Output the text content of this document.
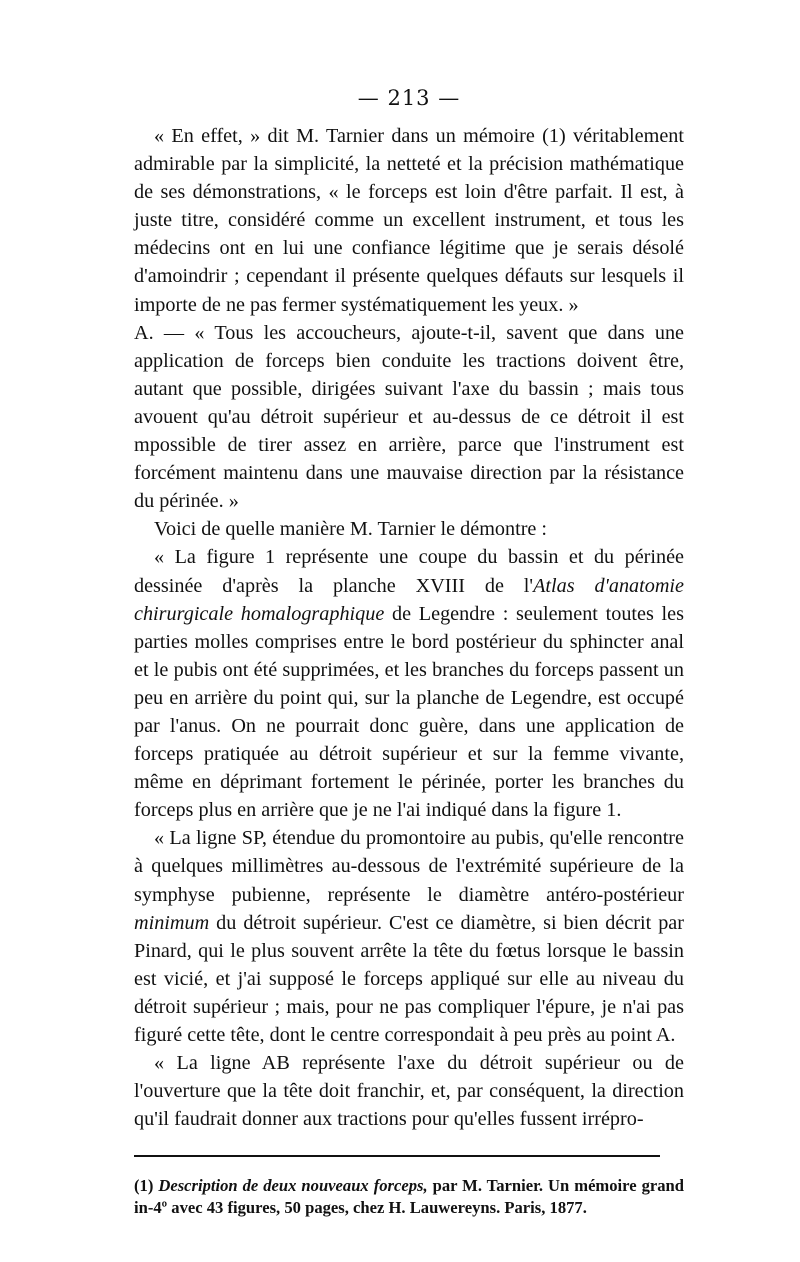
— 213 —

« En effet, » dit M. Tarnier dans un mémoire (1) véritablement admirable par la simplicité, la netteté et la précision mathématique de ses démonstrations, « le forceps est loin d'être parfait. Il est, à juste titre, considéré comme un excellent instrument, et tous les médecins ont en lui une confiance légitime que je serais désolé d'amoindrir ; cependant il présente quelques défauts sur lesquels il importe de ne pas fermer systématiquement les yeux. »

A. — « Tous les accoucheurs, ajoute-t-il, savent que dans une application de forceps bien conduite les tractions doivent être, autant que possible, dirigées suivant l'axe du bassin ; mais tous avouent qu'au détroit supérieur et au-dessus de ce détroit il est mpossible de tirer assez en arrière, parce que l'instrument est forcément maintenu dans une mauvaise direction par la résistance du périnée. »

Voici de quelle manière M. Tarnier le démontre :

« La figure 1 représente une coupe du bassin et du périnée dessinée d'après la planche XVIII de l'Atlas d'anatomie chirurgicale homalographique de Legendre : seulement toutes les parties molles comprises entre le bord postérieur du sphincter anal et le pubis ont été supprimées, et les branches du forceps passent un peu en arrière du point qui, sur la planche de Legendre, est occupé par l'anus. On ne pourrait donc guère, dans une application de forceps pratiquée au détroit supérieur et sur la femme vivante, même en déprimant fortement le périnée, porter les branches du forceps plus en arrière que je ne l'ai indiqué dans la figure 1.

« La ligne SP, étendue du promontoire au pubis, qu'elle rencontre à quelques millimètres au-dessous de l'extrémité supérieure de la symphyse pubienne, représente le diamètre antéro-postérieur minimum du détroit supérieur. C'est ce diamètre, si bien décrit par Pinard, qui le plus souvent arrête la tête du fœtus lorsque le bassin est vicié, et j'ai supposé le forceps appliqué sur elle au niveau du détroit supérieur ; mais, pour ne pas compliquer l'épure, je n'ai pas figuré cette tête, dont le centre correspondait à peu près au point A.

« La ligne AB représente l'axe du détroit supérieur ou de l'ouverture que la tête doit franchir, et, par conséquent, la direction qu'il faudrait donner aux tractions pour qu'elles fussent irrépro-

(1) Description de deux nouveaux forceps, par M. Tarnier. Un mémoire grand in-4º avec 43 figures, 50 pages, chez H. Lauwereyns. Paris, 1877.
